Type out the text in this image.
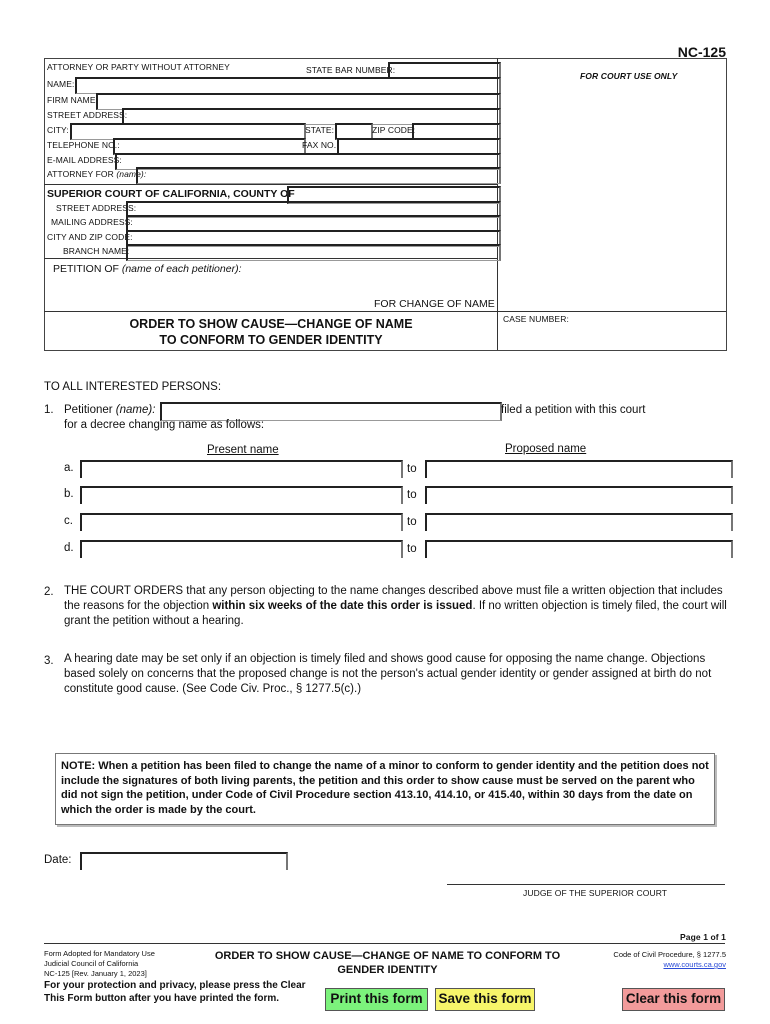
NC-125
ATTORNEY OR PARTY WITHOUT ATTORNEY	STATE BAR NUMBER:
FOR COURT USE ONLY
NAME:
FIRM NAME:
STREET ADDRESS:
CITY:	STATE:	ZIP CODE:
TELEPHONE NO.:	FAX NO.:
E-MAIL ADDRESS:
ATTORNEY FOR (name):
SUPERIOR COURT OF CALIFORNIA, COUNTY OF
STREET ADDRESS:
MAILING ADDRESS:
CITY AND ZIP CODE:
BRANCH NAME:
PETITION OF (name of each petitioner):
FOR CHANGE OF NAME
ORDER TO SHOW CAUSE—CHANGE OF NAME
TO CONFORM TO GENDER IDENTITY
CASE NUMBER:
TO ALL INTERESTED PERSONS:
1. Petitioner (name):	filed a petition with this court
for a decree changing name as follows:
Present name	Proposed name
a.	to
b.	to
c.	to
d.	to
2. THE COURT ORDERS that any person objecting to the name changes described above must file a written objection that includes the reasons for the objection within six weeks of the date this order is issued. If no written objection is timely filed, the court will grant the petition without a hearing.
3. A hearing date may be set only if an objection is timely filed and shows good cause for opposing the name change. Objections based solely on concerns that the proposed change is not the person's actual gender identity or gender assigned at birth do not constitute good cause. (See Code Civ. Proc., § 1277.5(c).)
NOTE: When a petition has been filed to change the name of a minor to conform to gender identity and the petition does not include the signatures of both living parents, the petition and this order to show cause must be served on the parent who did not sign the petition, under Code of Civil Procedure section 413.10, 414.10, or 415.40, within 30 days from the date on which the order is made by the court.
Date:
JUDGE OF THE SUPERIOR COURT
Page 1 of 1
Form Adopted for Mandatory Use
Judicial Council of California
NC-125 [Rev. January 1, 2023]
ORDER TO SHOW CAUSE—CHANGE OF NAME TO CONFORM TO
GENDER IDENTITY
Code of Civil Procedure, § 1277.5
www.courts.ca.gov
For your protection and privacy, please press the Clear
This Form button after you have printed the form.	Print this form	Save this form	Clear this form
